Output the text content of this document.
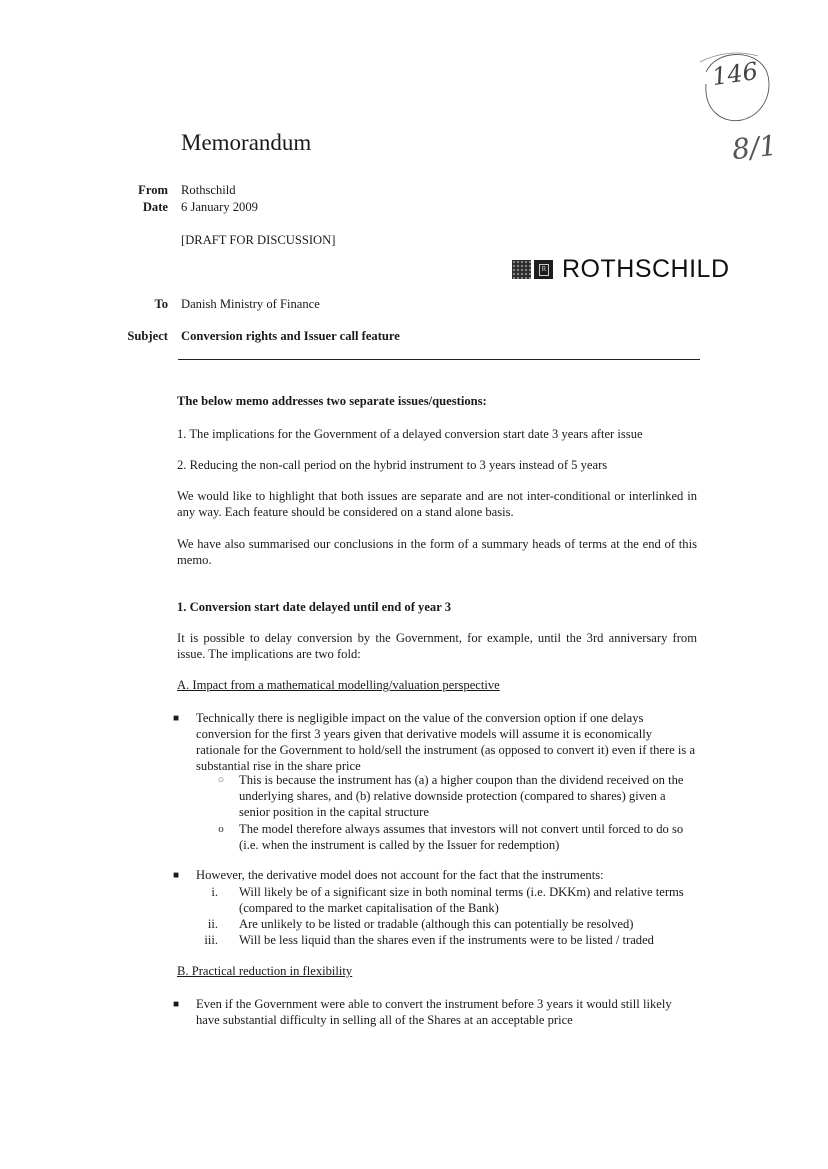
146
8/1
Memorandum
From Rothschild
Date 6 January 2009
[DRAFT FOR DISCUSSION]
R ROTHSCHILD
To Danish Ministry of Finance
Subject Conversion rights and Issuer call feature
The below memo addresses two separate issues/questions:
1. The implications for the Government of a delayed conversion start date 3 years after issue
2. Reducing the non-call period on the hybrid instrument to 3 years instead of 5 years
We would like to highlight that both issues are separate and are not inter-conditional or interlinked in any way. Each feature should be considered on a stand alone basis.
We have also summarised our conclusions in the form of a summary heads of terms at the end of this memo.
1. Conversion start date delayed until end of year 3
It is possible to delay conversion by the Government, for example, until the 3rd anniversary from issue. The implications are two fold:
A. Impact from a mathematical modelling/valuation perspective
■ Technically there is negligible impact on the value of the conversion option if one delays conversion for the first 3 years given that derivative models will assume it is economically rationale for the Government to hold/sell the instrument (as opposed to convert it) even if there is a substantial rise in the share price
○ This is because the instrument has (a) a higher coupon than the dividend received on the underlying shares, and (b) relative downside protection (compared to shares) given a senior position in the capital structure
o The model therefore always assumes that investors will not convert until forced to do so (i.e. when the instrument is called by the Issuer for redemption)
■ However, the derivative model does not account for the fact that the instruments:
i. Will likely be of a significant size in both nominal terms (i.e. DKKm) and relative terms (compared to the market capitalisation of the Bank)
ii. Are unlikely to be listed or tradable (although this can potentially be resolved)
iii. Will be less liquid than the shares even if the instruments were to be listed / traded
B. Practical reduction in flexibility
■ Even if the Government were able to convert the instrument before 3 years it would still likely have substantial difficulty in selling all of the Shares at an acceptable price
